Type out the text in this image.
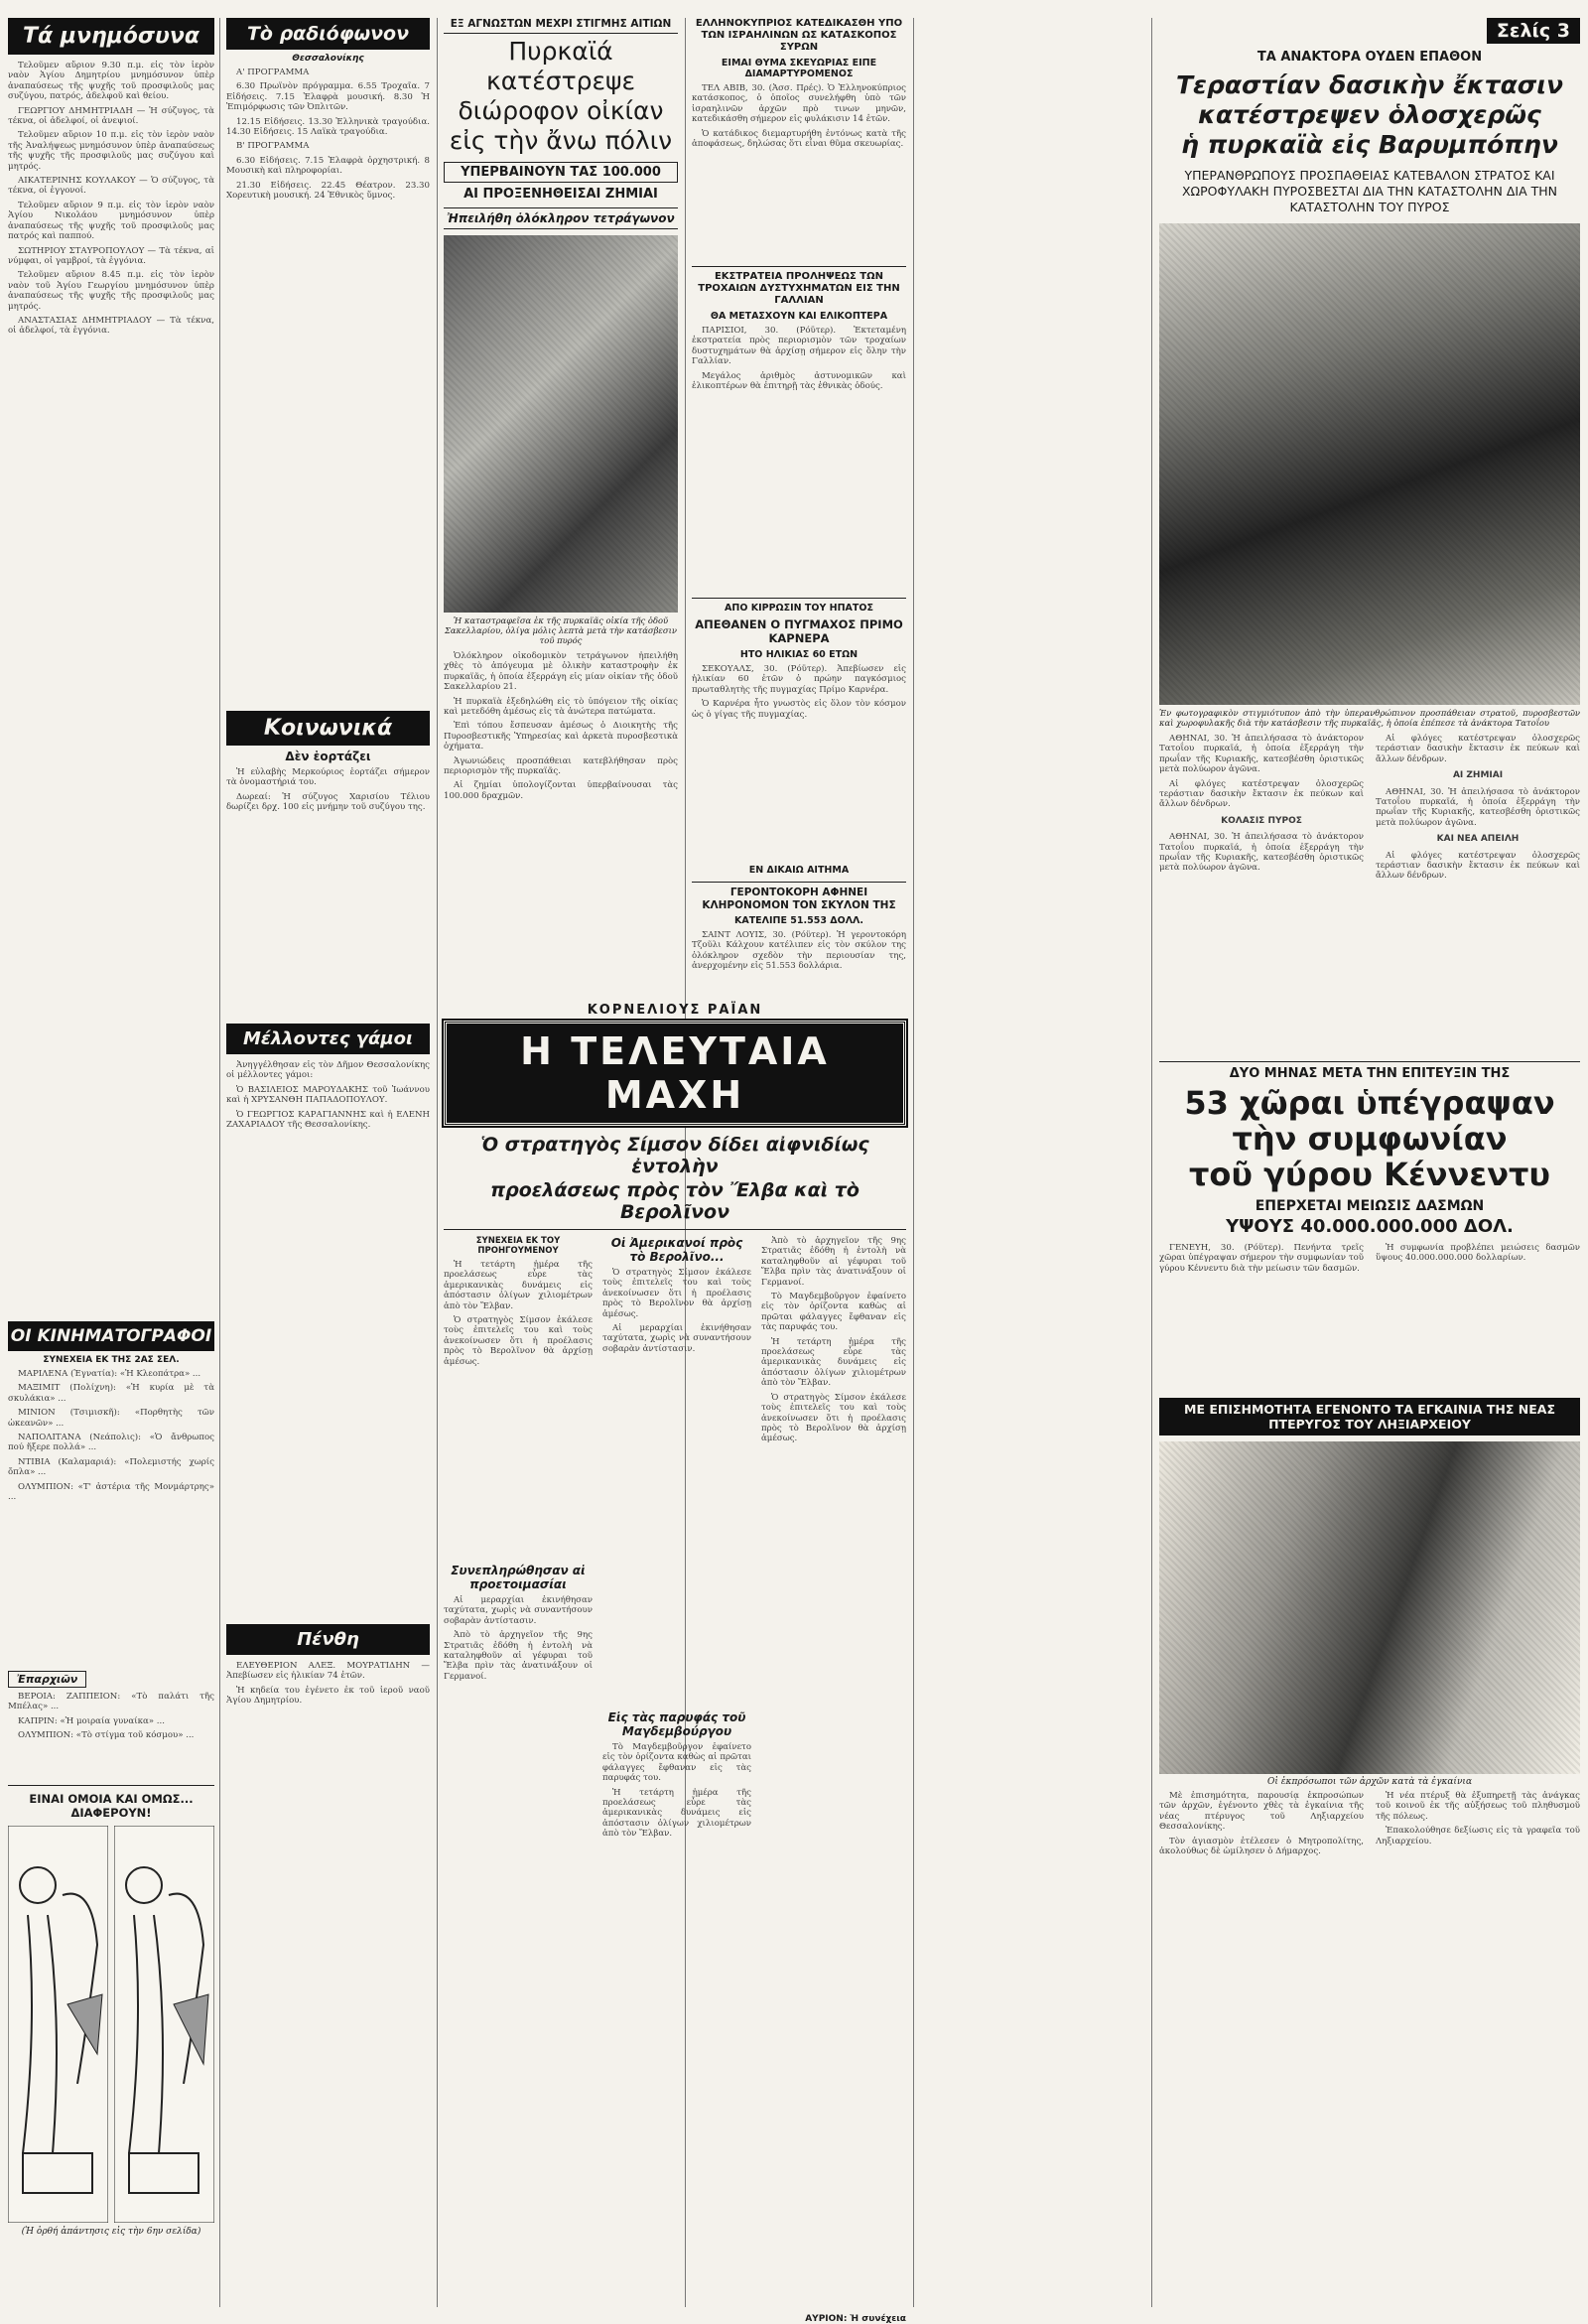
Τά μνημόσυνα

Τελοῦμεν αὔριον 9.30 π.μ. εἰς τὸν ἱερὸν ναὸν Ἁγίου Δημητρίου μνημόσυνον ὑπὲρ ἀναπαύσεως τῆς ψυχῆς τοῦ προσφιλοῦς μας συζύγου, πατρός, ἀδελφοῦ καὶ θείου.

ΓΕΩΡΓΙΟΥ ΔΗΜΗΤΡΙΑΔΗ — Ἡ σύζυγος, τὰ τέκνα, οἱ ἀδελφοί, οἱ ἀνεψιοί.

Τελοῦμεν αὔριον 10 π.μ. εἰς τὸν ἱερὸν ναὸν τῆς Ἀναλήψεως μνημόσυνον ὑπὲρ ἀναπαύσεως τῆς ψυχῆς τῆς προσφιλοῦς μας συζύγου καὶ μητρός.

ΑΙΚΑΤΕΡΙΝΗΣ ΚΟΥΛΑΚΟΥ — Ὁ σύζυγος, τὰ τέκνα, οἱ ἐγγονοί.

Τελοῦμεν αὔριον 9 π.μ. εἰς τὸν ἱερὸν ναὸν Ἁγίου Νικολάου μνημόσυνον ὑπὲρ ἀναπαύσεως τῆς ψυχῆς τοῦ προσφιλοῦς μας πατρός καὶ παππού.

ΣΩΤΗΡΙΟΥ ΣΤΑΥΡΟΠΟΥΛΟΥ — Τὰ τέκνα, αἱ νύμφαι, οἱ γαμβροί, τὰ ἐγγόνια.

Τελοῦμεν αὔριον 8.45 π.μ. εἰς τὸν ἱερὸν ναὸν τοῦ Ἁγίου Γεωργίου μνημόσυνον ὑπὲρ ἀναπαύσεως τῆς ψυχῆς τῆς προσφιλοῦς μας μητρός.

ΑΝΑΣΤΑΣΙΑΣ ΔΗΜΗΤΡΙΑΔΟΥ — Τὰ τέκνα, οἱ ἀδελφοί, τὰ ἐγγόνια.

ΟΙ ΚΙΝΗΜΑΤΟΓΡΑΦΟΙ
ΣΥΝΕΧΕΙΑ ΕΚ ΤΗΣ 2ΑΣ ΣΕΛ.

ΜΑΡΙΛΕΝΑ (Ἐγνατία): «Ἡ Κλεοπάτρα» ...

ΜΑΞΙΜΙΤ (Πολίχνη): «Ἡ κυρία μὲ τὰ σκυλάκια» ...

ΜΙΝΙΟΝ (Τσιμισκῆ): «Πορθητὴς τῶν ὠκεανῶν» ...

ΝΑΠΟΛΙΤΑΝΑ (Νεάπολις): «Ὁ ἄνθρωπος πού ἤξερε πολλά» ...

ΝΤΙΒΙΑ (Καλαμαριά): «Πολεμιστής χωρίς ὄπλα» ...

ΟΛΥΜΠΙΟΝ: «Τ' ἀστέρια τῆς Μονμάρτρης» ...

Ἐπαρχιῶν

ΒΕΡΟΙΑ: ΖΑΠΠΕΙΟΝ: «Τὸ παλάτι τῆς Μπέλας» ...

ΚΑΠΡΙΝ: «Ἡ μοιραία γυναίκα» ...

ΟΛΥΜΠΙΟΝ: «Τὸ στίγμα τοῦ κόσμου» ...

ΕΙΝΑΙ ΟΜΟΙΑ ΚΑΙ ΟΜΩΣ... ΔΙΑΦΕΡΟΥΝ!
(Ἡ ὀρθή ἀπάντησις εἰς τὴν 6ην σελίδα)
Τὸ ραδιόφωνον
Θεσσαλονίκης

Α' ΠΡΟΓΡΑΜΜΑ

6.30 Πρωϊνὸν πρόγραμμα. 6.55 Τροχαῖα. 7 Εἰδήσεις. 7.15 Ἑλαφρὰ μουσική. 8.30 Ἡ Ἐπιμόρφωσις τῶν Ὀπλιτῶν.

12.15 Εἰδήσεις. 13.30 Ἑλληνικὰ τραγούδια. 14.30 Εἰδήσεις. 15 Λαϊκὰ τραγούδια.

Β' ΠΡΟΓΡΑΜΜΑ

6.30 Εἰδήσεις. 7.15 Ἑλαφρὰ ὀρχηστρική. 8 Μουσικὴ καὶ πληροφορίαι.

21.30 Εἰδήσεις. 22.45 Θέατρον. 23.30 Χορευτικὴ μουσική. 24 Ἐθνικὸς ὕμνος.

Κοινωνικά
Δὲν ἑορτάζει

Ἡ εὐλαβὴς Μερκούριος ἑορτάζει σήμερον τὰ ὀνομαστήριά του.

Δωρεαί: Ἡ σύζυγος Χαρισίου Τέλιου δωρίζει δρχ. 100 εἰς μνήμην τοῦ συζύγου της.

Μέλλοντες γάμοι

Ἀνηγγέλθησαν εἰς τὸν Δῆμον Θεσσαλονίκης οἱ μέλλοντες γάμοι:

Ὁ ΒΑΣΙΛΕΙΟΣ ΜΑΡΟΥΔΑΚΗΣ τοῦ Ἰωάννου καὶ ἡ ΧΡΥΣΑΝΘΗ ΠΑΠΑΔΟΠΟΥΛΟΥ.

Ὁ ΓΕΩΡΓΙΟΣ ΚΑΡΑΓΙΑΝΝΗΣ καὶ ἡ ΕΛΕΝΗ ΖΑΧΑΡΙΑΔΟΥ τῆς Θεσσαλονίκης.

Πένθη

ΕΛΕΥΘΕΡΙΟΝ ΑΛΕΞ. ΜΟΥΡΑΤΙΔΗΝ — Ἀπεβίωσεν εἰς ἡλικίαν 74 ἐτῶν.

Ἡ κηδεία του ἐγένετο ἐκ τοῦ ἱεροῦ ναοῦ Ἁγίου Δημητρίου.

ΕΞ ΑΓΝΩΣΤΩΝ ΜΕΧΡΙ ΣΤΙΓΜΗΣ ΑΙΤΙΩΝ
Πυρκαϊά κατέστρεψε
διώροφον οἰκίαν
εἰς τὴν ἄνω πόλιν
ΥΠΕΡΒΑΙΝΟΥΝ ΤΑΣ 100.000
ΑΙ ΠΡΟΞΕΝΗΘΕΙΣΑΙ ΖΗΜΙΑΙ
Ἠπειλήθη ὁλόκληρον τετράγωνον
Ἡ καταστραφεῖσα ἐκ τῆς πυρκαϊᾶς οἰκία τῆς ὁδοῦ Σακελλαρίου, ὀλίγα μόλις λεπτὰ μετὰ τὴν κατάσβεσιν τοῦ πυρός

Ὁλόκληρον οἰκοδομικὸν τετράγωνον ἠπειλήθη χθὲς τὸ ἀπόγευμα μὲ ὁλικὴν καταστροφὴν ἐκ πυρκαϊᾶς, ἡ ὁποία ἐξερράγη εἰς μίαν οἰκίαν τῆς ὁδοῦ Σακελλαρίου 21.

Ἡ πυρκαϊὰ ἐξεδηλώθη εἰς τὸ ὑπόγειον τῆς οἰκίας καὶ μετεδόθη ἀμέσως εἰς τὰ ἀνώτερα πατώματα.

Ἐπὶ τόπου ἔσπευσαν ἀμέσως ὁ Διοικητὴς τῆς Πυροσβεστικῆς Ὑπηρεσίας καὶ ἀρκετὰ πυροσβεστικὰ ὀχήματα.

Ἀγωνιώδεις προσπάθειαι κατεβλήθησαν πρὸς περιορισμὸν τῆς πυρκαϊᾶς.

Αἱ ζημίαι ὑπολογίζονται ὑπερβαίνουσαι τὰς 100.000 δραχμῶν.

ΕΛΛΗΝΟΚΥΠΡΙΟΣ ΚΑΤΕΔΙΚΑΣΘΗ ΥΠΟ ΤΩΝ ΙΣΡΑΗΛΙΝΩΝ ΩΣ ΚΑΤΑΣΚΟΠΟΣ ΣΥΡΩΝ
ΕΙΜΑΙ ΘΥΜΑ ΣΚΕΥΩΡΙΑΣ ΕΙΠΕ ΔΙΑΜΑΡΤΥΡΟΜΕΝΟΣ

ΤΕΛ ΑΒΙΒ, 30. (Ἀσσ. Πρές). Ὁ Ἑλληνοκύπριος κατάσκοπος, ὁ ὁποῖος συνελήφθη ὑπὸ τῶν ἰσραηλινῶν ἀρχῶν πρὸ τινων μηνῶν, κατεδικάσθη σήμερον εἰς φυλάκισιν 14 ἐτῶν.

Ὁ κατάδικος διεμαρτυρήθη ἐντόνως κατὰ τῆς ἀποφάσεως, δηλώσας ὅτι εἶναι θῦμα σκευωρίας.

ΕΚΣΤΡΑΤΕΙΑ ΠΡΟΛΗΨΕΩΣ ΤΩΝ ΤΡΟΧΑΙΩΝ ΔΥΣΤΥΧΗΜΑΤΩΝ ΕΙΣ ΤΗΝ ΓΑΛΛΙΑΝ
ΘΑ ΜΕΤΑΣΧΟΥΝ ΚΑΙ ΕΛΙΚΟΠΤΕΡΑ

ΠΑΡΙΣΙΟΙ, 30. (Ρόϋτερ). Ἐκτεταμένη ἐκστρατεία πρὸς περιορισμὸν τῶν τροχαίων δυστυχημάτων θὰ ἀρχίσῃ σήμερον εἰς ὅλην τὴν Γαλλίαν.

Μεγάλος ἀριθμὸς ἀστυνομικῶν καὶ ἑλικοπτέρων θὰ ἐπιτηρῇ τὰς ἐθνικὰς ὁδούς.

ΑΠΟ ΚΙΡΡΩΣΙΝ ΤΟΥ ΗΠΑΤΟΣ
ΑΠΕΘΑΝΕΝ Ο ΠΥΓΜΑΧΟΣ ΠΡΙΜΟ ΚΑΡΝΕΡΑ
ΗΤΟ ΗΛΙΚΙΑΣ 60 ΕΤΩΝ

ΣΕΚΟΥΑΛΣ, 30. (Ρόϋτερ). Ἀπεβίωσεν εἰς ἡλικίαν 60 ἐτῶν ὁ πρώην παγκόσμιος πρωταθλητὴς τῆς πυγμαχίας Πρίμο Καρνέρα.

Ὁ Καρνέρα ἦτο γνωστὸς εἰς ὅλον τὸν κόσμον ὡς ὁ γίγας τῆς πυγμαχίας.

ΕΝ ΔΙΚΑΙΩ ΑΙΤΗΜΑ
ΓΕΡΟΝΤΟΚΟΡΗ ΑΦΗΝΕΙ ΚΛΗΡΟΝΟΜΟΝ ΤΟΝ ΣΚΥΛΟΝ ΤΗΣ
ΚΑΤΕΛΙΠΕ 51.553 ΔΟΛΛ.

ΣΑΙΝΤ ΛΟΥΙΣ, 30. (Ρόϋτερ). Ἡ γεροντοκόρη Τζοῦλι Κάλχουν κατέλιπεν εἰς τὸν σκύλον της ὁλόκληρον σχεδὸν τὴν περιουσίαν της, ἀνερχομένην εἰς 51.553 δολλάρια.

ΚΟΡΝΕΛΙΟΥΣ ΡΑΪΑΝ
Η ΤΕΛΕΥΤΑΙΑ ΜΑΧΗ
Ὁ στρατηγὸς Σίμσον δίδει αἰφνιδίως ἐντολὴν
προελάσεως πρὸς τὸν Ἔλβα καὶ τὸ Βερολῖνον
ΣΥΝΕΧΕΙΑ ΕΚ ΤΟΥ ΠΡΟΗΓΟΥΜΕΝΟΥ

Ἡ τετάρτη ἡμέρα τῆς προελάσεως εὗρε τὰς ἀμερικανικὰς δυνάμεις εἰς ἀπόστασιν ὀλίγων χιλιομέτρων ἀπὸ τὸν Ἔλβαν.

Ὁ στρατηγὸς Σίμσον ἐκάλεσε τοὺς ἐπιτελεῖς του καὶ τοὺς ἀνεκοίνωσεν ὅτι ἡ προέλασις πρὸς τὸ Βερολῖνον θὰ ἀρχίσῃ ἀμέσως.

Συνεπληρώθησαν αἱ προετοιμασίαι

Αἱ μεραρχίαι ἐκινήθησαν ταχύτατα, χωρὶς νὰ συναντήσουν σοβαρὰν ἀντίστασιν.

Ἀπὸ τὸ ἀρχηγεῖον τῆς 9ης Στρατιᾶς ἐδόθη ἡ ἐντολὴ νὰ καταληφθοῦν αἱ γέφυραι τοῦ Ἔλβα πρὶν τὰς ἀνατινάξουν οἱ Γερμανοί.

Οἱ Ἀμερικανοί πρὸς τὸ Βερολῖνο...

Ὁ στρατηγὸς Σίμσον ἐκάλεσε τοὺς ἐπιτελεῖς του καὶ τοὺς ἀνεκοίνωσεν ὅτι ἡ προέλασις πρὸς τὸ Βερολῖνον θὰ ἀρχίσῃ ἀμέσως.

Αἱ μεραρχίαι ἐκινήθησαν ταχύτατα, χωρὶς νὰ συναντήσουν σοβαρὰν ἀντίστασιν.

Εἰς τὰς παρυφάς τοῦ Μαγδεμβούργου

Τὸ Μαγδεμβοῦργον ἐφαίνετο εἰς τὸν ὁρίζοντα καθὼς αἱ πρῶται φάλαγγες ἔφθαναν εἰς τὰς παρυφάς του.

Ἡ τετάρτη ἡμέρα τῆς προελάσεως εὗρε τὰς ἀμερικανικὰς δυνάμεις εἰς ἀπόστασιν ὀλίγων χιλιομέτρων ἀπὸ τὸν Ἔλβαν.

Ἀπὸ τὸ ἀρχηγεῖον τῆς 9ης Στρατιᾶς ἐδόθη ἡ ἐντολὴ νὰ καταληφθοῦν αἱ γέφυραι τοῦ Ἔλβα πρὶν τὰς ἀνατινάξουν οἱ Γερμανοί.

Τὸ Μαγδεμβοῦργον ἐφαίνετο εἰς τὸν ὁρίζοντα καθὼς αἱ πρῶται φάλαγγες ἔφθαναν εἰς τὰς παρυφάς του.

Ἡ τετάρτη ἡμέρα τῆς προελάσεως εὗρε τὰς ἀμερικανικὰς δυνάμεις εἰς ἀπόστασιν ὀλίγων χιλιομέτρων ἀπὸ τὸν Ἔλβαν.

Ὁ στρατηγὸς Σίμσον ἐκάλεσε τοὺς ἐπιτελεῖς του καὶ τοὺς ἀνεκοίνωσεν ὅτι ἡ προέλασις πρὸς τὸ Βερολῖνον θὰ ἀρχίσῃ ἀμέσως.

ΑΥΡΙΟΝ: Ἡ συνέχεια
Σελίς 3
ΤΑ ΑΝΑΚΤΟΡΑ ΟΥΔΕΝ ΕΠΑΘΟΝ
Τεραστίαν δασικὴν ἔκτασιν
κατέστρεψεν ὁλοσχερῶς
ἡ πυρκαϊὰ εἰς Βαρυμπόπην
ΥΠΕΡΑΝΘΡΩΠΟΥΣ ΠΡΟΣΠΑΘΕΙΑΣ ΚΑΤΕΒΑΛΟΝ ΣΤΡΑΤΟΣ ΚΑΙ ΧΩΡΟΦΥΛΑΚΗ ΠΥΡΟΣΒΕΣΤΑΙ ΔΙΑ ΤΗΝ ΚΑΤΑΣΤΟΛΗΝ ΔΙΑ ΤΗΝ ΚΑΤΑΣΤΟΛΗΝ ΤΟΥ ΠΥΡΟΣ
Ἐν φωτογραφικὸν στιγμιότυπον ἀπὸ τὴν ὑπερανθρώπινον προσπάθειαν στρατοῦ, πυροσβεστῶν καὶ χωροφυλακῆς διὰ τὴν κατάσβεσιν τῆς πυρκαϊᾶς, ἡ ὁποία ἐπέπεσε τὰ ἀνάκτορα Τατοΐου

ΑΘΗΝΑΙ, 30. Ἡ ἀπειλήσασα τὸ ἀνάκτορον Τατοΐου πυρκαϊά, ἡ ὁποία ἐξερράγη τὴν πρωΐαν τῆς Κυριακῆς, κατεσβέσθη ὁριστικῶς μετὰ πολύωρον ἀγῶνα.

Αἱ φλόγες κατέστρεψαν ὁλοσχερῶς τεράστιαν δασικὴν ἔκτασιν ἐκ πεύκων καὶ ἄλλων δένδρων.

ΚΟΛΑΣΙΣ ΠΥΡΟΣ

ΑΘΗΝΑΙ, 30. Ἡ ἀπειλήσασα τὸ ἀνάκτορον Τατοΐου πυρκαϊά, ἡ ὁποία ἐξερράγη τὴν πρωΐαν τῆς Κυριακῆς, κατεσβέσθη ὁριστικῶς μετὰ πολύωρον ἀγῶνα.

Αἱ φλόγες κατέστρεψαν ὁλοσχερῶς τεράστιαν δασικὴν ἔκτασιν ἐκ πεύκων καὶ ἄλλων δένδρων.

ΑΙ ΖΗΜΙΑΙ

ΑΘΗΝΑΙ, 30. Ἡ ἀπειλήσασα τὸ ἀνάκτορον Τατοΐου πυρκαϊά, ἡ ὁποία ἐξερράγη τὴν πρωΐαν τῆς Κυριακῆς, κατεσβέσθη ὁριστικῶς μετὰ πολύωρον ἀγῶνα.

ΚΑΙ ΝΕΑ ΑΠΕΙΛΗ

Αἱ φλόγες κατέστρεψαν ὁλοσχερῶς τεράστιαν δασικὴν ἔκτασιν ἐκ πεύκων καὶ ἄλλων δένδρων.

ΔΥΟ ΜΗΝΑΣ ΜΕΤΑ ΤΗΝ ΕΠΙΤΕΥΞΙΝ ΤΗΣ
53 χῶραι ὑπέγραψαν
τὴν συμφωνίαν
τοῦ γύρου Κέννεντυ
ΕΠΕΡΧΕΤΑΙ ΜΕΙΩΣΙΣ ΔΑΣΜΩΝ
ΥΨΟΥΣ 40.000.000.000 ΔΟΛ.

ΓΕΝΕΥΗ, 30. (Ρόϋτερ). Πενήντα τρεῖς χῶραι ὑπέγραψαν σήμερον τὴν συμφωνίαν τοῦ γύρου Κέννεντυ διὰ τὴν μείωσιν τῶν δασμῶν.

Ἡ συμφωνία προβλέπει μειώσεις δασμῶν ὕψους 40.000.000.000 δολλαρίων.

ΜΕ ΕΠΙΣΗΜΟΤΗΤΑ ΕΓΕΝΟΝΤΟ ΤΑ ΕΓΚΑΙΝΙΑ ΤΗΣ ΝΕΑΣ ΠΤΕΡΥΓΟΣ ΤΟΥ ΛΗΞΙΑΡΧΕΙΟΥ
Οἱ ἐκπρόσωποι τῶν ἀρχῶν κατὰ τὰ ἐγκαίνια

Μὲ ἐπισημότητα, παρουσίᾳ ἐκπροσώπων τῶν ἀρχῶν, ἐγένοντο χθὲς τὰ ἐγκαίνια τῆς νέας πτέρυγος τοῦ Ληξιαρχείου Θεσσαλονίκης.

Τὸν ἁγιασμὸν ἐτέλεσεν ὁ Μητροπολίτης, ἀκολούθως δὲ ὡμίλησεν ὁ Δήμαρχος.

Ἡ νέα πτέρυξ θὰ ἐξυπηρετῇ τὰς ἀνάγκας τοῦ κοινοῦ ἐκ τῆς αὐξήσεως τοῦ πληθυσμοῦ τῆς πόλεως.

Ἐπακολούθησε δεξίωσις εἰς τὰ γραφεῖα τοῦ Ληξιαρχείου.
